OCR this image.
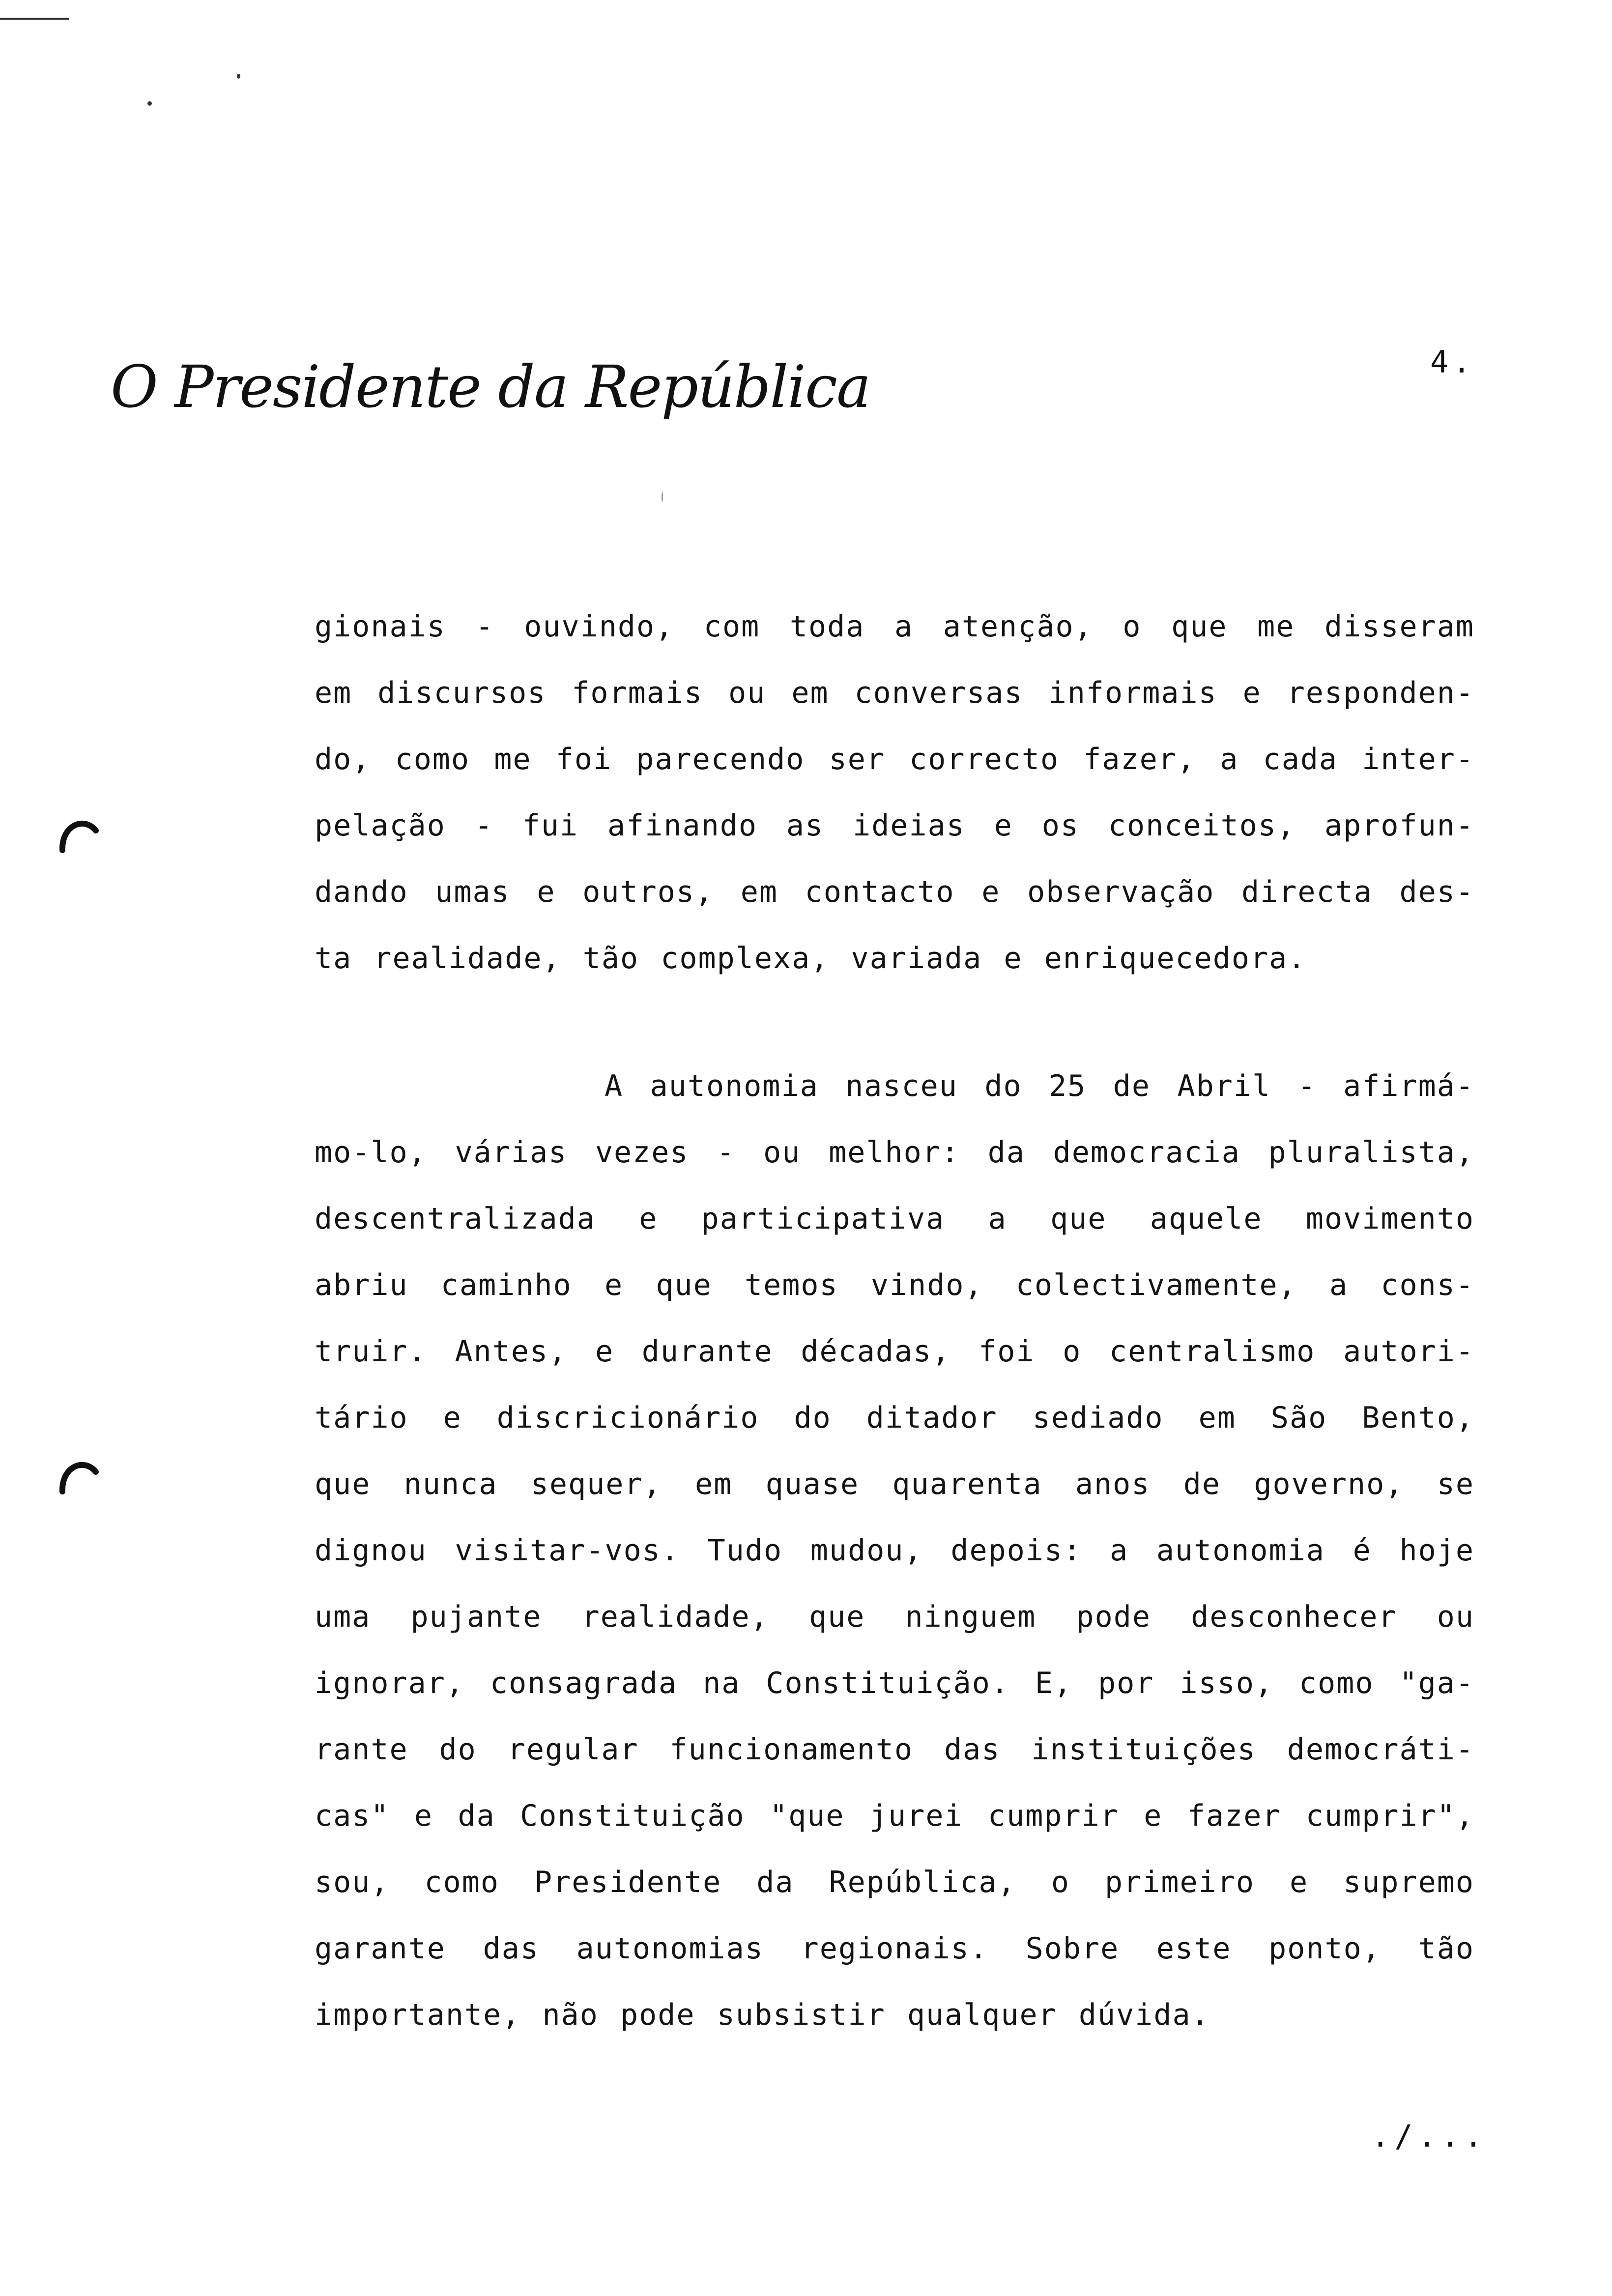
O Presidente da República	4.
gionais - ouvindo, com toda a atenção, o que me disseram
em discursos formais ou em conversas informais e responden-
do, como me foi parecendo ser correcto fazer, a cada inter-
pelação - fui afinando as ideias e os conceitos, aprofun-
dando umas e outros, em contacto e observação directa des-
ta realidade, tão complexa, variada e enriquecedora.
A autonomia nasceu do 25 de Abril - afirmá-
mo-lo, várias vezes - ou melhor: da democracia pluralista,
descentralizada e participativa a que aquele movimento
abriu caminho e que temos vindo, colectivamente, a cons-
truir. Antes, e durante décadas, foi o centralismo autori-
tário e discricionário do ditador sediado em São Bento,
que nunca sequer, em quase quarenta anos de governo, se
dignou visitar-vos. Tudo mudou, depois: a autonomia é hoje
uma pujante realidade, que ninguem pode desconhecer ou
ignorar, consagrada na Constituição. E, por isso, como "ga-
rante do regular funcionamento das instituições democráti-
cas" e da Constituição "que jurei cumprir e fazer cumprir",
sou, como Presidente da República, o primeiro e supremo
garante das autonomias regionais. Sobre este ponto, tão
importante, não pode subsistir qualquer dúvida.
./...
